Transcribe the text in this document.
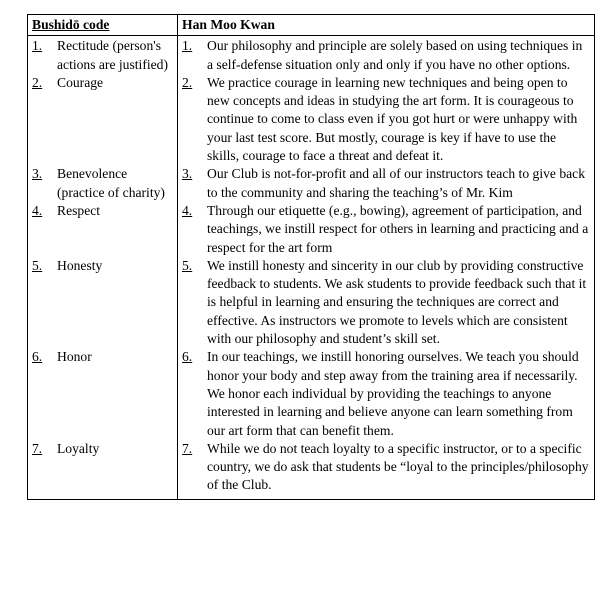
Bushidō code	Han Moo Kwan

1. Rectitude (person's actions are justified)	1. Our philosophy and principle are solely based on using techniques in a self-defense situation only and only if you have no other options.

2. Courage	2. We practice courage in learning new techniques and being open to new concepts and ideas in studying the art form. It is courageous to continue to come to class even if you got hurt or were unhappy with your last test score. But mostly, courage is key if have to use the skills, courage to face a threat and defeat it.

3. Benevolence (practice of charity)	3. Our Club is not-for-profit and all of our instructors teach to give back to the community and sharing the teaching’s of Mr. Kim

4. Respect	4. Through our etiquette (e.g., bowing), agreement of participation, and teachings, we instill respect for others in learning and practicing and a respect for the art form

5. Honesty	5. We instill honesty and sincerity in our club by providing constructive feedback to students. We ask students to provide feedback such that it is helpful in learning and ensuring the techniques are correct and effective. As instructors we promote to levels which are consistent with our philosophy and student’s skill set.

6. Honor	6. In our teachings, we instill honoring ourselves. We teach you should honor your body and step away from the training area if necessarily. We honor each individual by providing the teachings to anyone interested in learning and believe anyone can learn something from our art form that can benefit them.

7. Loyalty	7. While we do not teach loyalty to a specific instructor, or to a specific country, we do ask that students be “loyal to the principles/philosophy of the Club.
